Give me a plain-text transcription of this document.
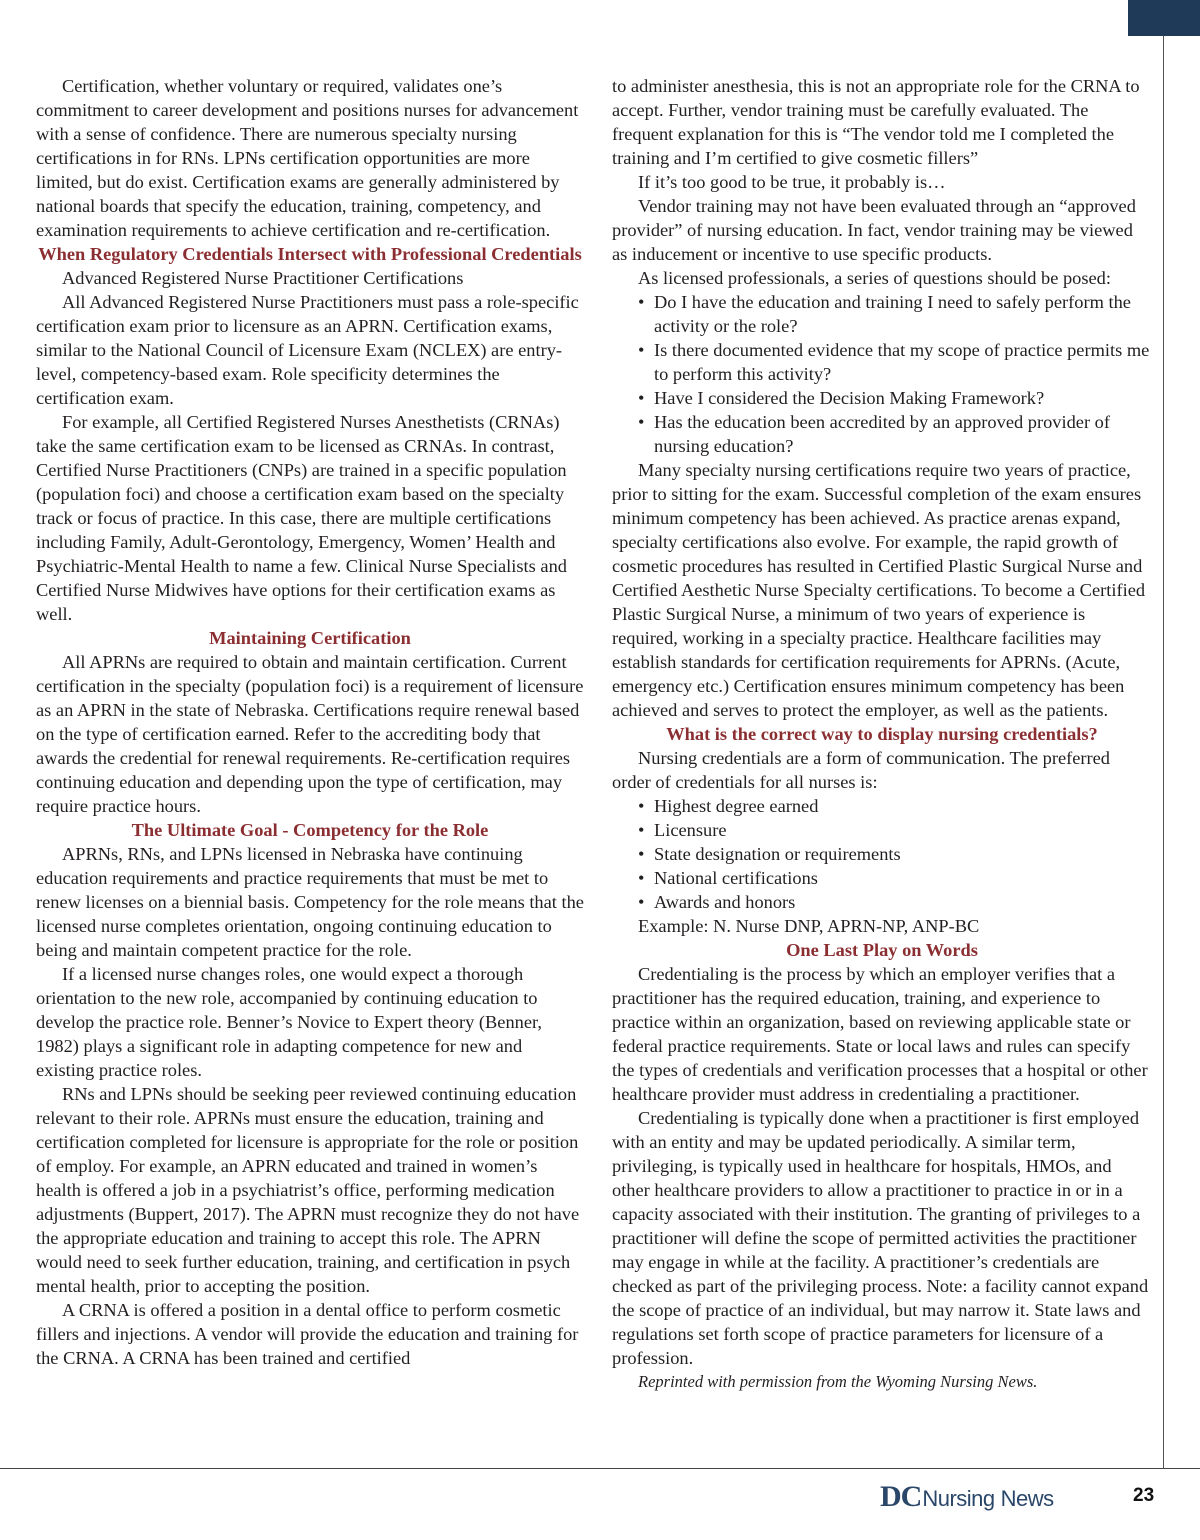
Certification, whether voluntary or required, validates one’s commitment to career development and positions nurses for advancement with a sense of confidence. There are numerous specialty nursing certifications in for RNs. LPNs certification opportunities are more limited, but do exist. Certification exams are generally administered by national boards that specify the education, training, competency, and examination requirements to achieve certification and re-certification.

When Regulatory Credentials Intersect with Professional Credentials

Advanced Registered Nurse Practitioner Certifications

All Advanced Registered Nurse Practitioners must pass a role-specific certification exam prior to licensure as an APRN. Certification exams, similar to the National Council of Licensure Exam (NCLEX) are entry-level, competency-based exam. Role specificity determines the certification exam.

For example, all Certified Registered Nurses Anesthetists (CRNAs) take the same certification exam to be licensed as CRNAs. In contrast, Certified Nurse Practitioners (CNPs) are trained in a specific population (population foci) and choose a certification exam based on the specialty track or focus of practice. In this case, there are multiple certifications including Family, Adult-Gerontology, Emergency, Women’ Health and Psychiatric-Mental Health to name a few. Clinical Nurse Specialists and Certified Nurse Midwives have options for their certification exams as well.

Maintaining Certification

All APRNs are required to obtain and maintain certification. Current certification in the specialty (population foci) is a requirement of licensure as an APRN in the state of Nebraska. Certifications require renewal based on the type of certification earned. Refer to the accrediting body that awards the credential for renewal requirements. Re-certification requires continuing education and depending upon the type of certification, may require practice hours.

The Ultimate Goal - Competency for the Role

APRNs, RNs, and LPNs licensed in Nebraska have continuing education requirements and practice requirements that must be met to renew licenses on a biennial basis. Competency for the role means that the licensed nurse completes orientation, ongoing continuing education to being and maintain competent practice for the role.

If a licensed nurse changes roles, one would expect a thorough orientation to the new role, accompanied by continuing education to develop the practice role. Benner’s Novice to Expert theory (Benner, 1982) plays a significant role in adapting competence for new and existing practice roles.

RNs and LPNs should be seeking peer reviewed continuing education relevant to their role. APRNs must ensure the education, training and certification completed for licensure is appropriate for the role or position of employ. For example, an APRN educated and trained in women’s health is offered a job in a psychiatrist’s office, performing medication adjustments (Buppert, 2017). The APRN must recognize they do not have the appropriate education and training to accept this role. The APRN would need to seek further education, training, and certification in psych mental health, prior to accepting the position.

A CRNA is offered a position in a dental office to perform cosmetic fillers and injections. A vendor will provide the education and training for the CRNA. A CRNA has been trained and certified

to administer anesthesia, this is not an appropriate role for the CRNA to accept. Further, vendor training must be carefully evaluated. The frequent explanation for this is “The vendor told me I completed the training and I’m certified to give cosmetic fillers”

If it’s too good to be true, it probably is…

Vendor training may not have been evaluated through an “approved provider” of nursing education. In fact, vendor training may be viewed as inducement or incentive to use specific products.

As licensed professionals, a series of questions should be posed:

• Do I have the education and training I need to safely perform the activity or the role?
• Is there documented evidence that my scope of practice permits me to perform this activity?
• Have I considered the Decision Making Framework?
• Has the education been accredited by an approved provider of nursing education?

Many specialty nursing certifications require two years of practice, prior to sitting for the exam. Successful completion of the exam ensures minimum competency has been achieved. As practice arenas expand, specialty certifications also evolve. For example, the rapid growth of cosmetic procedures has resulted in Certified Plastic Surgical Nurse and Certified Aesthetic Nurse Specialty certifications. To become a Certified Plastic Surgical Nurse, a minimum of two years of experience is required, working in a specialty practice. Healthcare facilities may establish standards for certification requirements for APRNs. (Acute, emergency etc.) Certification ensures minimum competency has been achieved and serves to protect the employer, as well as the patients.

What is the correct way to display nursing credentials?

Nursing credentials are a form of communication. The preferred order of credentials for all nurses is:

• Highest degree earned
• Licensure
• State designation or requirements
• National certifications
• Awards and honors

Example: N. Nurse DNP, APRN-NP, ANP-BC

One Last Play on Words

Credentialing is the process by which an employer verifies that a practitioner has the required education, training, and experience to practice within an organization, based on reviewing applicable state or federal practice requirements. State or local laws and rules can specify the types of credentials and verification processes that a hospital or other healthcare provider must address in credentialing a practitioner.

Credentialing is typically done when a practitioner is first employed with an entity and may be updated periodically. A similar term, privileging, is typically used in healthcare for hospitals, HMOs, and other healthcare providers to allow a practitioner to practice in or in a capacity associated with their institution. The granting of privileges to a practitioner will define the scope of permitted activities the practitioner may engage in while at the facility. A practitioner’s credentials are checked as part of the privileging process. Note: a facility cannot expand the scope of practice of an individual, but may narrow it. State laws and regulations set forth scope of practice parameters for licensure of a profession.

Reprinted with permission from the Wyoming Nursing News.

DC Nursing News	23
